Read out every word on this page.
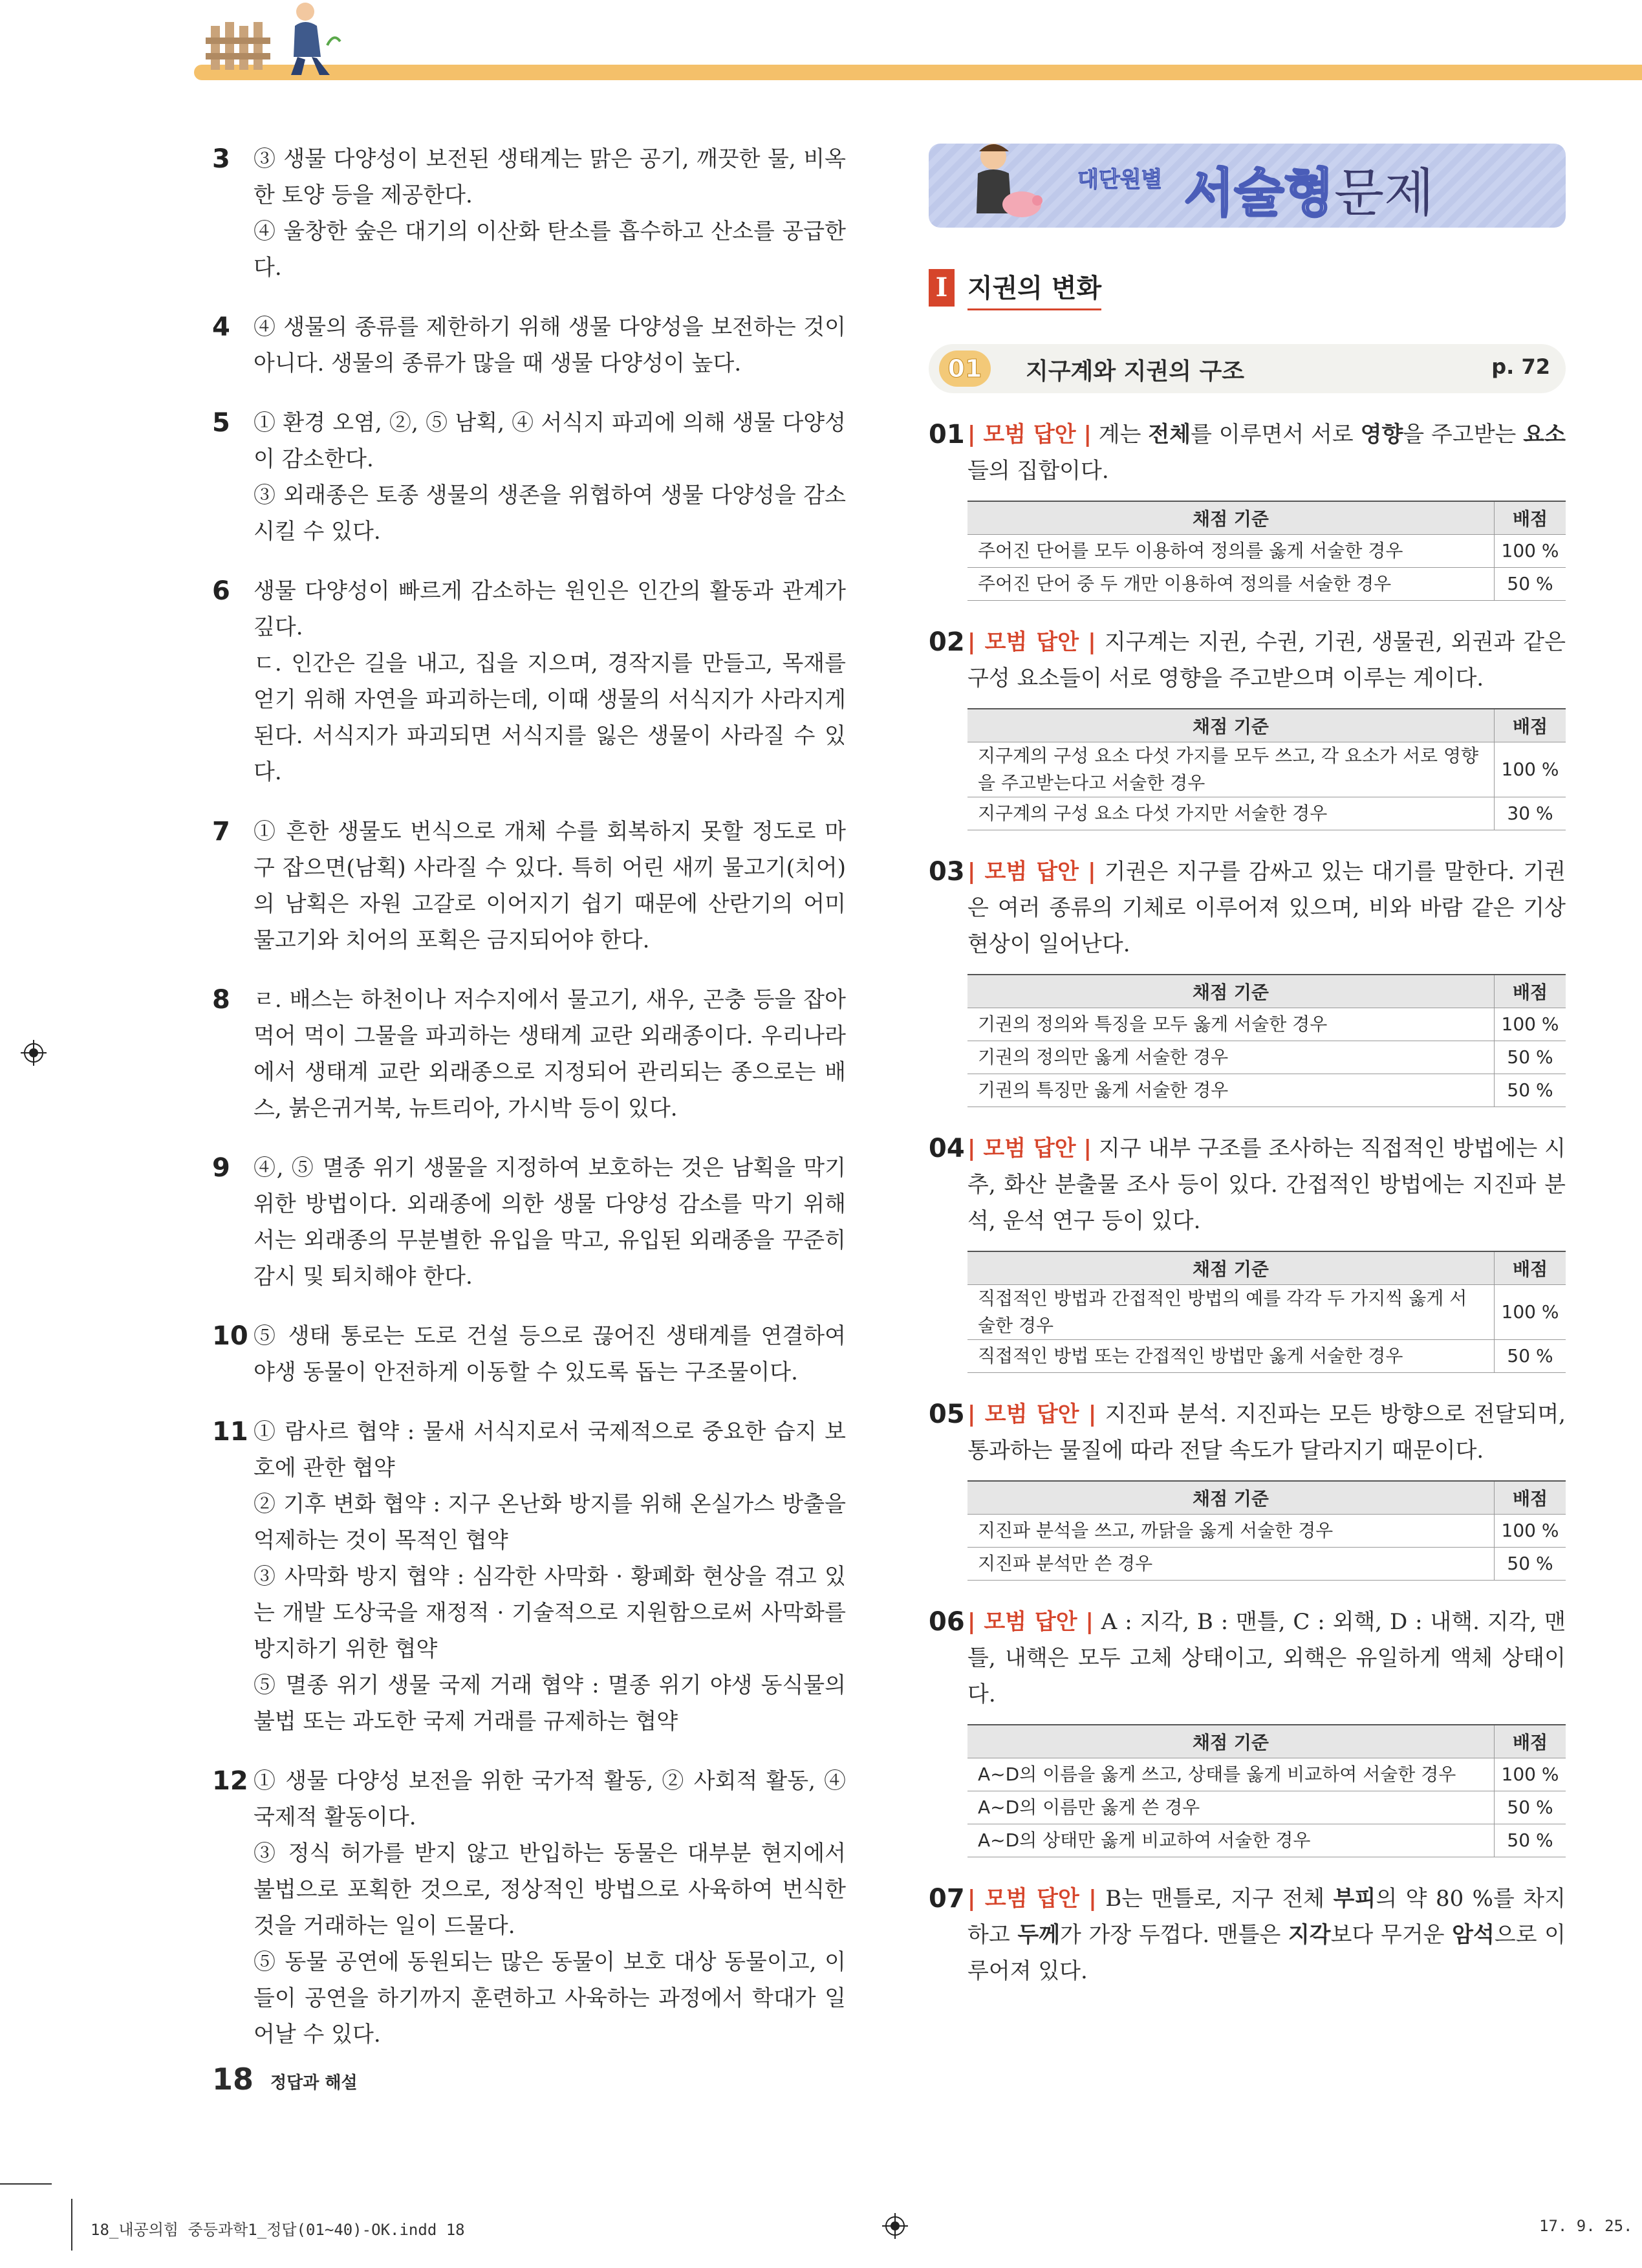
3 ③ 생물 다양성이 보전된 생태계는 맑은 공기, 깨끗한 물, 비옥한 토양 등을 제공한다.

④ 울창한 숲은 대기의 이산화 탄소를 흡수하고 산소를 공급한다.

4 ④ 생물의 종류를 제한하기 위해 생물 다양성을 보전하는 것이 아니다. 생물의 종류가 많을 때 생물 다양성이 높다.

5 ① 환경 오염, ②, ⑤ 남획, ④ 서식지 파괴에 의해 생물 다양성이 감소한다.

③ 외래종은 토종 생물의 생존을 위협하여 생물 다양성을 감소시킬 수 있다.

6 생물 다양성이 빠르게 감소하는 원인은 인간의 활동과 관계가 깊다.

ㄷ. 인간은 길을 내고, 집을 지으며, 경작지를 만들고, 목재를 얻기 위해 자연을 파괴하는데, 이때 생물의 서식지가 사라지게 된다. 서식지가 파괴되면 서식지를 잃은 생물이 사라질 수 있다.

7 ① 흔한 생물도 번식으로 개체 수를 회복하지 못할 정도로 마구 잡으면(남획) 사라질 수 있다. 특히 어린 새끼 물고기(치어)의 남획은 자원 고갈로 이어지기 쉽기 때문에 산란기의 어미 물고기와 치어의 포획은 금지되어야 한다.

8 ㄹ. 배스는 하천이나 저수지에서 물고기, 새우, 곤충 등을 잡아먹어 먹이 그물을 파괴하는 생태계 교란 외래종이다. 우리나라에서 생태계 교란 외래종으로 지정되어 관리되는 종으로는 배스, 붉은귀거북, 뉴트리아, 가시박 등이 있다.

9 ④, ⑤ 멸종 위기 생물을 지정하여 보호하는 것은 남획을 막기 위한 방법이다. 외래종에 의한 생물 다양성 감소를 막기 위해서는 외래종의 무분별한 유입을 막고, 유입된 외래종을 꾸준히 감시 및 퇴치해야 한다.

10 ⑤ 생태 통로는 도로 건설 등으로 끊어진 생태계를 연결하여 야생 동물이 안전하게 이동할 수 있도록 돕는 구조물이다.

11 ① 람사르 협약 : 물새 서식지로서 국제적으로 중요한 습지 보호에 관한 협약

② 기후 변화 협약 : 지구 온난화 방지를 위해 온실가스 방출을 억제하는 것이 목적인 협약

③ 사막화 방지 협약 : 심각한 사막화 · 황폐화 현상을 겪고 있는 개발 도상국을 재정적 · 기술적으로 지원함으로써 사막화를 방지하기 위한 협약

⑤ 멸종 위기 생물 국제 거래 협약 : 멸종 위기 야생 동식물의 불법 또는 과도한 국제 거래를 규제하는 협약

12 ① 생물 다양성 보전을 위한 국가적 활동, ② 사회적 활동, ④ 국제적 활동이다.

③ 정식 허가를 받지 않고 반입하는 동물은 대부분 현지에서 불법으로 포획한 것으로, 정상적인 방법으로 사육하여 번식한 것을 거래하는 일이 드물다.

⑤ 동물 공연에 동원되는 많은 동물이 보호 대상 동물이고, 이들이 공연을 하기까지 훈련하고 사육하는 과정에서 학대가 일어날 수 있다.

대단원별 서술형문제
I 지권의 변화
01	지구계와 지권의 구조	p. 72
01 | 모범 답안 | 계는 전체를 이루면서 서로 영향을 주고받는 요소들의 집합이다.
채점 기준	배점
주어진 단어를 모두 이용하여 정의를 옳게 서술한 경우	100 %
주어진 단어 중 두 개만 이용하여 정의를 서술한 경우	50 %
02 | 모범 답안 | 지구계는 지권, 수권, 기권, 생물권, 외권과 같은 구성 요소들이 서로 영향을 주고받으며 이루는 계이다.
채점 기준	배점
지구계의 구성 요소 다섯 가지를 모두 쓰고, 각 요소가 서로 영향을 주고받는다고 서술한 경우	100 %
지구계의 구성 요소 다섯 가지만 서술한 경우	30 %
03 | 모범 답안 | 기권은 지구를 감싸고 있는 대기를 말한다. 기권은 여러 종류의 기체로 이루어져 있으며, 비와 바람 같은 기상 현상이 일어난다.
채점 기준	배점
기권의 정의와 특징을 모두 옳게 서술한 경우	100 %
기권의 정의만 옳게 서술한 경우	50 %
기권의 특징만 옳게 서술한 경우	50 %
04 | 모범 답안 | 지구 내부 구조를 조사하는 직접적인 방법에는 시추, 화산 분출물 조사 등이 있다. 간접적인 방법에는 지진파 분석, 운석 연구 등이 있다.
채점 기준	배점
직접적인 방법과 간접적인 방법의 예를 각각 두 가지씩 옳게 서술한 경우	100 %
직접적인 방법 또는 간접적인 방법만 옳게 서술한 경우	50 %
05 | 모범 답안 | 지진파 분석. 지진파는 모든 방향으로 전달되며, 통과하는 물질에 따라 전달 속도가 달라지기 때문이다.
채점 기준	배점
지진파 분석을 쓰고, 까닭을 옳게 서술한 경우	100 %
지진파 분석만 쓴 경우	50 %
06 | 모범 답안 | A : 지각, B : 맨틀, C : 외핵, D : 내핵. 지각, 맨틀, 내핵은 모두 고체 상태이고, 외핵은 유일하게 액체 상태이다.
채점 기준	배점
A~D의 이름을 옳게 쓰고, 상태를 옳게 비교하여 서술한 경우	100 %
A~D의 이름만 옳게 쓴 경우	50 %
A~D의 상태만 옳게 비교하여 서술한 경우	50 %
07 | 모범 답안 | B는 맨틀로, 지구 전체 부피의 약 80 %를 차지하고 두께가 가장 두껍다. 맨틀은 지각보다 무거운 암석으로 이루어져 있다.
18 정답과 해설
18_내공의힘 중등과학1_정답(01~40)-OK.indd 18	17. 9. 25.
